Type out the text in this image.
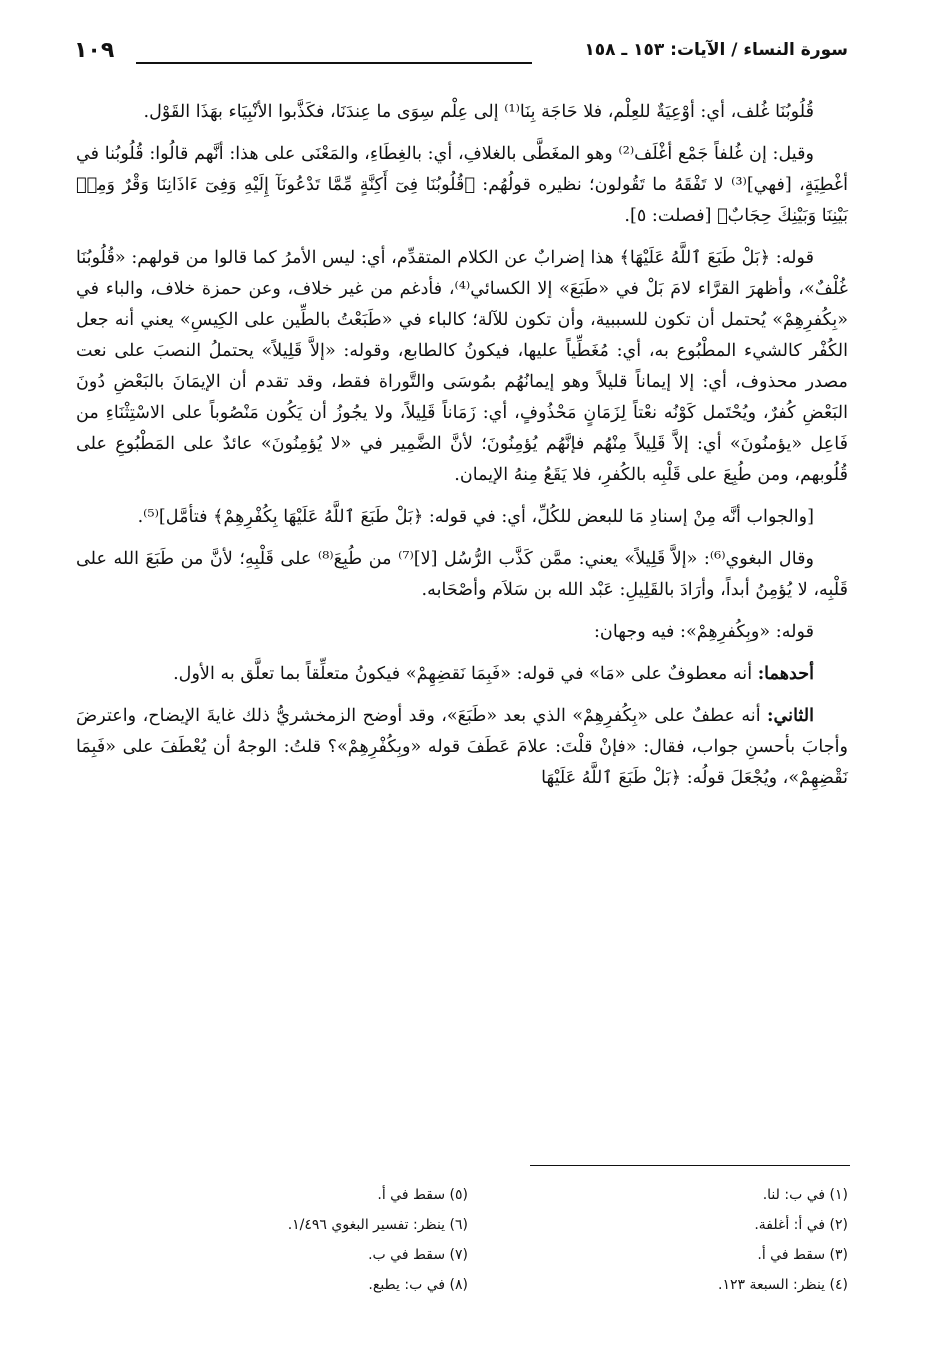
سورة النساء / الآيات: ١٥٣ ـ ١٥٨
١٠٩

قُلُوبُنَا غُلف، أي: أوْعِيَةٌ للعِلْم، فلا حَاجَة بِنَا⁽¹⁾ إلى عِلْم سِوَى ما عِندَنَا، فكَذَّبوا الأنْبِيَاء بهَذَا القَوْل.

وقيل: إن غُلفاً جَمْع أغْلَف⁽²⁾ وهو المغَطَّى بالغلافِ، أي: بالغِطَاءِ، والمَعْنَى على هذا: أنَّهم قالُوا: قُلُوبُنا في أغْطِيَةٍ، [فهي]⁽³⁾ لا تَفْقَهُ ما تَقُولون؛ نظيره قولُهُم: ﴿قُلُوبُنَا فِىٓ أَكِنَّةٍ مِّمَّا تَدْعُونَآ إِلَيْهِ وَفِىٓ ءَاذَانِنَا وَقْرٌ وَمِنۢ بَيْنِنَا وَبَيْنِكَ حِجَابٌ﴾ [فصلت: ٥].

قوله: ﴿بَلْ طَبَعَ ٱللَّهُ عَلَيْهَا﴾ هذا إضرابٌ عن الكلام المتقدِّم، أي: ليس الأمرُ كما قالوا من قولهم: «قُلُوبُنَا غُلْفٌ»، وأظهرَ القرَّاء لامَ بَلْ في «طَبَعَ» إلا الكسائي⁽⁴⁾، فأدغم من غير خلاف، وعن حمزة خلاف، والباء في «بِكُفرِهِمْ» يُحتمل أن تكون للسببية، وأن تكون للآلة؛ كالباء في «طَبَعْتُ بالطِّين على الكِيسِ» يعني أنه جعل الكُفْر كالشيء المطْبُوع به، أي: مُغَطِّياً عليها، فيكونُ كالطابع، وقوله: «إلاَّ قَلِيلاً» يحتملُ النصبَ على نعت مصدر محذوف، أي: إلا إيماناً قليلاً وهو إيمانُهُم بمُوسَى والتَّوراة فقط، وقد تقدم أن الإيمَانَ بالبَعْضِ دُونَ البَعْضِ كُفرٌ، ويُحْتَمل كَوْنُه نعْتاً لِزَمَانٍ مَحْذُوفٍ، أي: زَمَاناً قَلِيلاً، ولا يجُوزُ أن يَكُون مَنْصُوباً على الاسْتِثْنَاءِ من فَاعِل «يؤمنُونَ» أي: إلاَّ قَلِيلاً مِنْهُم فإنَّهُم يُؤمِنُونَ؛ لأنَّ الضَّمِير في «لا يُؤمِنُونَ» عائدٌ على المَطْبُوعِ على قُلُوبهم، ومن طُبِعَ على قَلْبِه بالكُفرِ، فلا يَقَعُ مِنهُ الإيمان.

[والجواب أنَّه مِنْ إسنادِ مَا للبعض للكُلِّ، أي: في قوله: ﴿بَلْ طَبَعَ ٱللَّهُ عَلَيْهَا بِكُفْرِهِمْ﴾ فتأمَّل]⁽⁵⁾.

وقال البغوي⁽⁶⁾: «إلاَّ قَلِيلاً» يعني: ممَّن كَذَّب الرُّسُل [لا]⁽⁷⁾ من طُبِعَ⁽⁸⁾ على قَلْبِهِ؛ لأنَّ من طَبَعَ الله على قَلْبِه، لا يُؤمِنُ أبداً، وأرَادَ بالقَلِيلِ: عَبْد الله بن سَلاَم وأصْحَابه.

قوله: «وبِكُفرِهِمْ»: فيه وجهان:

أحدهما: أنه معطوفٌ على «مَا» في قوله: «فَبِمَا نَقضِهِمْ» فيكونُ متعلِّقاً بما تعلَّق به الأول.

الثاني: أنه عطفٌ على «بِكُفرِهِمْ» الذي بعد «طَبَعَ»، وقد أوضح الزمخشريُّ ذلك غايةَ الإيضاح، واعترضَ وأجابَ بأحسنِ جواب، فقال: «فإنْ قلْتَ: علامَ عَطَفَ قوله «وبِكُفْرِهِمْ»؟ قلتُ: الوجهُ أن يُعْطَفَ على «فَبِمَا نَقْضِهِمْ»، ويُجْعَلَ قولُه: ﴿بَلْ طَبَعَ ٱللَّهُ عَلَيْهَا

(١) في ب: لنا.
(٢) في أ: أغلفة.
(٣) سقط في أ.
(٤) ينظر: السبعة ١٢٣.
(٥) سقط في أ.
(٦) ينظر: تفسير البغوي ١/٤٩٦.
(٧) سقط في ب.
(٨) في ب: يطبع.
